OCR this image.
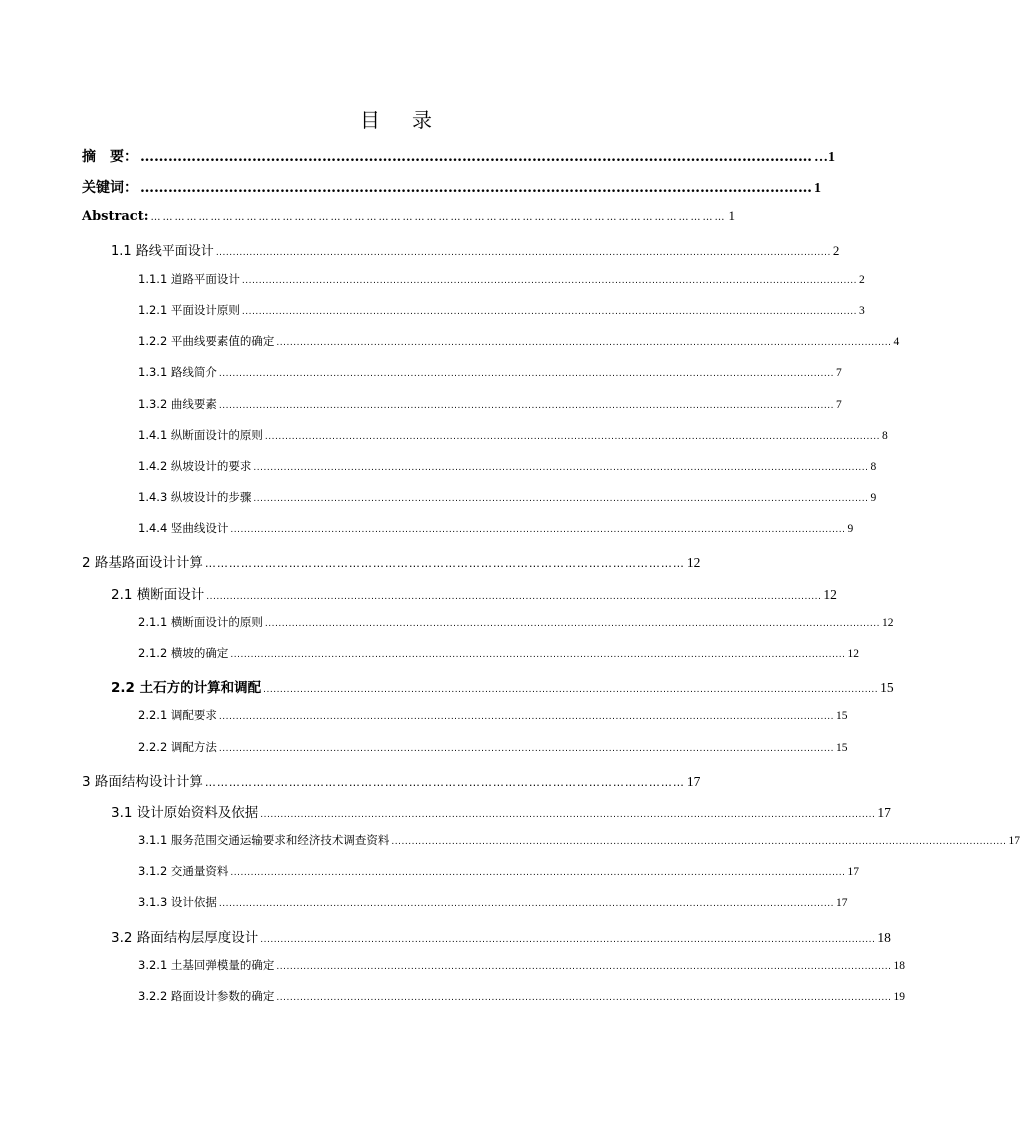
目 录
摘　要： ……………………………………………………………………………………………………………………………… …1
关键词： ……………………………………………………………………………………………………………………………… 1
Abstract: ……………………………………………………………………………………………………………………………… 1
1.1 路线平面设计 ....................................................................................................................................................................................... 2
1.1.1 道路平面设计 ....................................................................................................................................................................................... 2
1.2.1 平面设计原则 ....................................................................................................................................................................................... 3
1.2.2 平曲线要素值的确定 ....................................................................................................................................................................................... 4
1.3.1 路线简介 ....................................................................................................................................................................................... 7
1.3.2 曲线要素 ....................................................................................................................................................................................... 7
1.4.1 纵断面设计的原则 ....................................................................................................................................................................................... 8
1.4.2 纵坡设计的要求 ....................................................................................................................................................................................... 8
1.4.3 纵坡设计的步骤 ....................................................................................................................................................................................... 9
1.4.4 竖曲线设计 ....................................................................................................................................................................................... 9
2 路基路面设计计算 ………………………………………………………………………………………………………… 12
2.1 横断面设计 ....................................................................................................................................................................................... 12
2.1.1 横断面设计的原则 ....................................................................................................................................................................................... 12
2.1.2 横坡的确定 ....................................................................................................................................................................................... 12
2.2 土石方的计算和调配 ....................................................................................................................................................................................... 15
2.2.1 调配要求 ....................................................................................................................................................................................... 15
2.2.2 调配方法 ....................................................................................................................................................................................... 15
3 路面结构设计计算 ………………………………………………………………………………………………………… 17
3.1 设计原始资料及依据 ....................................................................................................................................................................................... 17
3.1.1 服务范围交通运输要求和经济技术调查资料 ....................................................................................................................................................................................... 17
3.1.2 交通量资料 ....................................................................................................................................................................................... 17
3.1.3 设计依据 ....................................................................................................................................................................................... 17
3.2 路面结构层厚度设计 ....................................................................................................................................................................................... 18
3.2.1 土基回弹模量的确定 ....................................................................................................................................................................................... 18
3.2.2 路面设计参数的确定 ....................................................................................................................................................................................... 19
